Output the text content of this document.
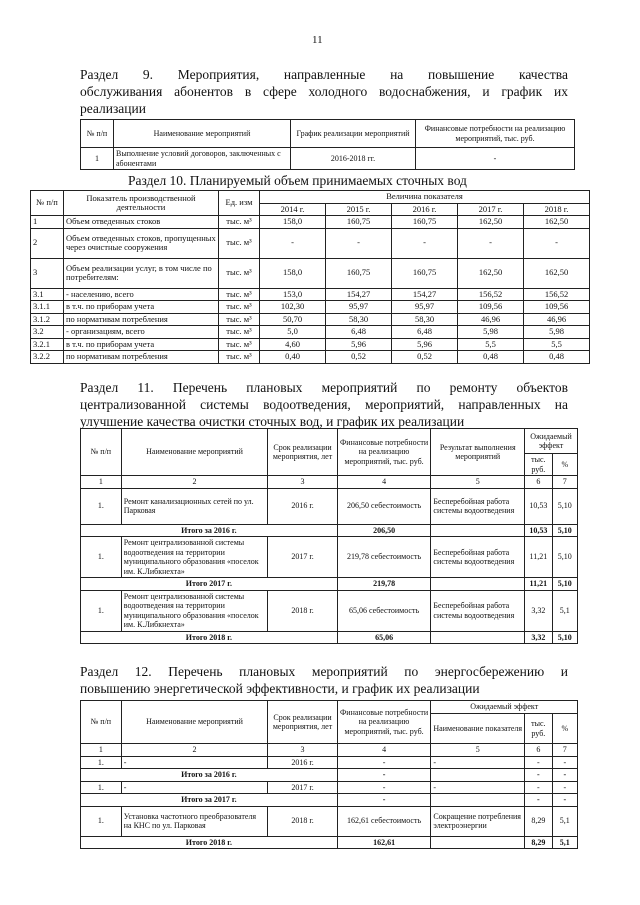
11
Раздел 9. Мероприятия, направленные на повышение качества
обслуживания абонентов в сфере холодного водоснабжения, и график их
реализации
№ п/п	Наименование мероприятий	График реализации мероприятий	Финансовые потребности на реализацию мероприятий, тыс. руб.
1	Выполнение условий договоров, заключенных с абонентами	2016-2018 гг.	-
Раздел 10. Планируемый объем принимаемых сточных вод
№ п/п	Показатель производственной деятельности	Ед. изм	Величина показателя				
			2014 г.	2015 г.	2016 г.	2017 г.	2018 г.
1	Объем отведенных стоков	тыс. м³	158,0	160,75	160,75	162,50	162,50
2	Объем отведенных стоков, пропущенных через очистные сооружения	тыс. м³	-	-	-	-	-
3	Объем реализации услуг, в том числе по потребителям:	тыс. м³	158,0	160,75	160,75	162,50	162,50
3.1	- населению, всего	тыс. м³	153,0	154,27	154,27	156,52	156,52
3.1.1	в т.ч. по приборам учета	тыс. м³	102,30	95,97	95,97	109,56	109,56
3.1.2	по нормативам потребления	тыс. м³	50,70	58,30	58,30	46,96	46,96
3.2	- организациям, всего	тыс. м³	5,0	6,48	6,48	5,98	5,98
3.2.1	в т.ч. по приборам учета	тыс. м³	4,60	5,96	5,96	5,5	5,5
3.2.2	по нормативам потребления	тыс. м³	0,40	0,52	0,52	0,48	0,48
Раздел 11. Перечень плановых мероприятий по ремонту объектов
централизованной системы водоотведения, мероприятий, направленных на
улучшение качества очистки сточных вод, и график их реализации
№ п/п	Наименование мероприятий	Срок реализации мероприятия, лет	Финансовые потребности на реализацию мероприятий, тыс. руб.	Результат выполнения мероприятий	Ожидаемый эффект	
					тыс. руб.	%
1	2	3	4	5	6	7
1.	Ремонт канализационных сетей по ул. Парковая	2016 г.	206,50 себестоимость	Бесперебойная работа системы водоотведения	10,53	5,10
Итого за 2016 г.			206,50		10,53	5,10
1.	Ремонт централизованной системы водоотведения на территории муниципального образования «поселок им. К.Либкнехта»	2017 г.	219,78 себестоимость	Бесперебойная работа системы водоотведения	11,21	5,10
Итого 2017 г.			219,78		11,21	5,10
1.	Ремонт централизованной системы водоотведения на территории муниципального образования «поселок им. К.Либкнехта»	2018 г.	65,06 себестоимость	Бесперебойная работа системы водоотведения	3,32	5,1
Итого 2018 г.			65,06		3,32	5,10
Раздел 12. Перечень плановых мероприятий по энергосбережению и
повышению энергетической эффективности, и график их реализации
№ п/п	Наименование мероприятий	Срок реализации мероприятия, лет	Финансовые потребности на реализацию мероприятий, тыс. руб.	Ожидаемый эффект		
				Наименование показателя	тыс. руб.	%
1	2	3	4	5	6	7
1.	-	2016 г.	-	-	-	-
Итого за 2016 г.			-		-	-
1.	-	2017 г.	-	-	-	-
Итого за 2017 г.			-		-	-
1.	Установка частотного преобразователя на КНС по ул. Парковая	2018 г.	162,61 себестоимость	Сокращение потребления электроэнергии	8,29	5,1
Итого 2018 г.			162,61		8,29	5,1
